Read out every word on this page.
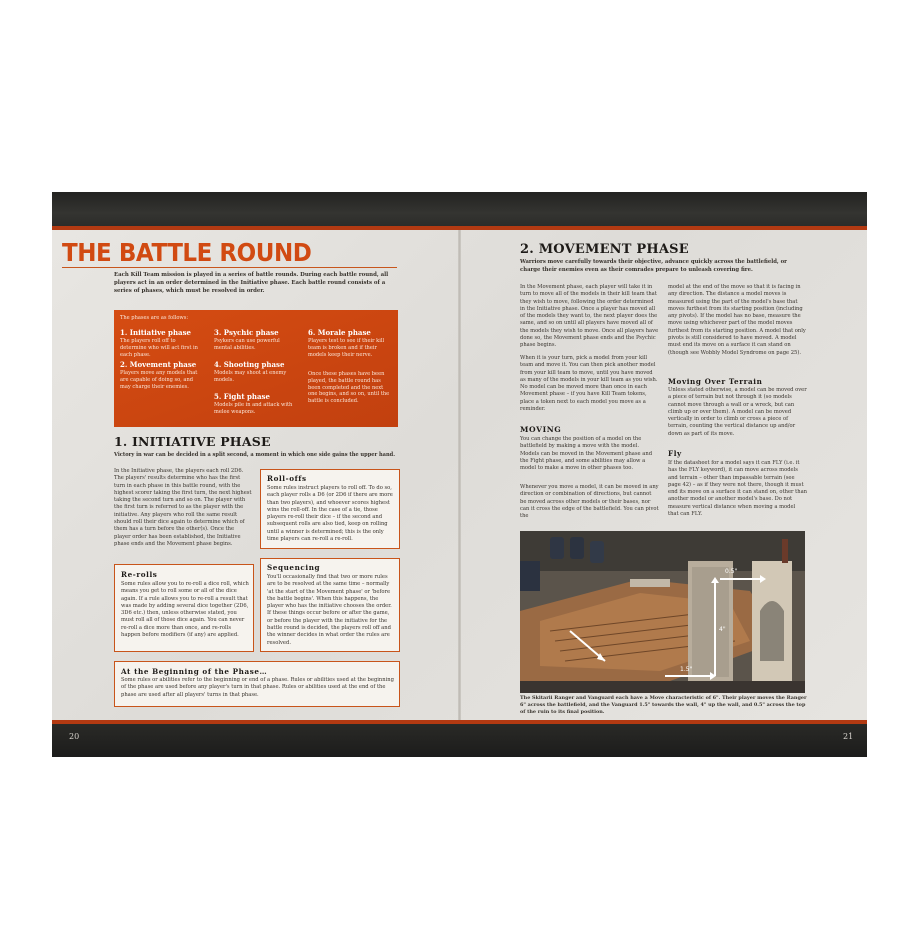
20	21
THE BATTLE ROUND

Each Kill Team mission is played in a series of battle rounds. During each battle round, all players act in an order determined in the Initiative phase. Each battle round consists of a series of phases, which must be resolved in order.

The phases are as follows:
1. Initiative phase
The players roll off to determine who will act first in each phase.
2. Movement phase
Players move any models that are capable of doing so, and may charge their enemies.
3. Psychic phase
Psykers can use powerful mental abilities.
4. Shooting phase
Models may shoot at enemy models.
5. Fight phase
Models pile in and attack with melee weapons.
6. Morale phase
Players test to see if their kill team is broken and if their models keep their nerve.
Once these phases have been played, the battle round has been completed and the next one begins, and so on, until the battle is concluded.
1. INITIATIVE PHASE

Victory in war can be decided in a split second, a moment in which one side gains the upper hand.

In the Initiative phase, the players each roll 2D6. The players' results determine who has the first turn in each phase in this battle round, with the highest scorer taking the first turn, the next highest taking the second turn and so on. The player with the first turn is referred to as the player with the initiative. Any players who roll the same result should roll their dice again to determine which of them has a turn before the other(s). Once the player order has been established, the Initiative phase ends and the Movement phase begins.

Roll-offs

Some rules instruct players to roll off. To do so, each player rolls a D6 (or 2D6 if there are more than two players), and whoever scores highest wins the roll-off. In the case of a tie, those players re-roll their dice – if the second and subsequent rolls are also tied, keep on rolling until a winner is determined; this is the only time players can re-roll a re-roll.

Re-rolls

Some rules allow you to re-roll a dice roll, which means you get to roll some or all of the dice again. If a rule allows you to re-roll a result that was made by adding several dice together (2D6, 3D6 etc.) then, unless otherwise stated, you must roll all of those dice again. You can never re-roll a dice more than once, and re-rolls happen before modifiers (if any) are applied.

Sequencing

You'll occasionally find that two or more rules are to be resolved at the same time – normally 'at the start of the Movement phase' or 'before the battle begins'. When this happens, the player who has the initiative chooses the order. If these things occur before or after the game, or before the player with the initiative for the battle round is decided, the players roll off and the winner decides in what order the rules are resolved.

At the Beginning of the Phase…

Some rules or abilities refer to the beginning or end of a phase. Rules or abilities used at the beginning of the phase are used before any player's turn in that phase. Rules or abilities used at the end of the phase are used after all players' turns in that phase.

2. MOVEMENT PHASE

Warriors move carefully towards their objective, advance quickly across the battlefield, or charge their enemies even as their comrades prepare to unleash covering fire.

In the Movement phase, each player will take it in turn to move all of the models in their kill team that they wish to move, following the order determined in the Initiative phase. Once a player has moved all of the models they want to, the next player does the same, and so on until all players have moved all of the models they wish to move. Once all players have done so, the Movement phase ends and the Psychic phase begins.

When it is your turn, pick a model from your kill team and move it. You can then pick another model from your kill team to move, until you have moved as many of the models in your kill team as you wish. No model can be moved more than once in each Movement phase – if you have Kill Team tokens, place a token next to each model you move as a reminder.

MOVING

You can change the position of a model on the battlefield by making a move with the model. Models can be moved in the Movement phase and the Fight phase, and some abilities may allow a model to make a move in other phases too.

Whenever you move a model, it can be moved in any direction or combination of directions, but cannot be moved across other models or their bases, nor can it cross the edge of the battlefield. You can pivot the

model at the end of the move so that it is facing in any direction. The distance a model moves is measured using the part of the model's base that moves furthest from its starting position (including any pivots). If the model has no base, measure the move using whichever part of the model moves furthest from its starting position. A model that only pivots is still considered to have moved. A model must end its move on a surface it can stand on (though see Wobbly Model Syndrome on page 25).

Moving Over Terrain

Unless stated otherwise, a model can be moved over a piece of terrain but not through it (so models cannot move through a wall or a wreck, but can climb up or over them). A model can be moved vertically in order to climb or cross a piece of terrain, counting the vertical distance up and/or down as part of its move.

Fly

If the datasheet for a model says it can FLY (i.e. it has the FLY keyword), it can move across models and terrain – other than impassable terrain (see page 42) – as if they were not there, though it must end its move on a surface it can stand on, other than another model or another model's base. Do not measure vertical distance when moving a model that can FLY.

0.5"
4"
1.5"

The Skitarii Ranger and Vanguard each have a Move characteristic of 6". Their player moves the Ranger 6" across the battlefield, and the Vanguard 1.5" towards the wall, 4" up the wall, and 0.5" across the top of the ruin to its final position.
